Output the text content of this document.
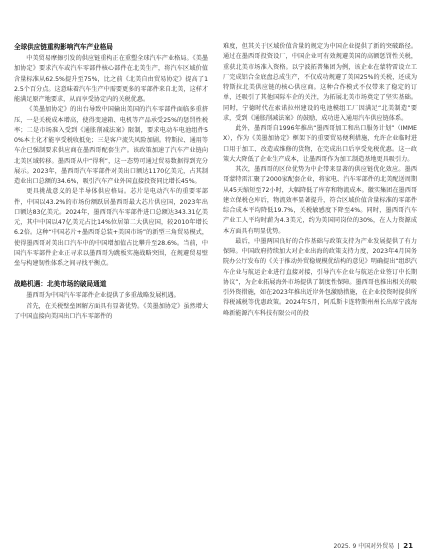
全球供应链重构影响汽车产业格局

中美贸易摩擦引发的供应链重构正在重塑全球汽车产业格局。《美墨加协定》要求汽车或汽车零部件核心部件在北美生产，将汽车区域价值含量标准从62.5%提升至75%，比之前《北美自由贸易协定》提高了12.5个百分点。这意味着汽车生产中需要更多的零部件来自北美，这样才能满足原产地要求，从而享受协定内的关税优惠。

《美墨加协定》的出台导致中国输出美国的汽车零部件面临多重挤压，一是关税成本增高，使得变速箱、电机等产品承受25%的惩罚性税率；二是市场准入受到《通胀削减法案》限制，要求电动车电池组件50%本土化才能享受税收抵免；三是客户流失风险加剧。特斯拉、通用等车企已强制要求供应商在墨西哥配套生产。该政策加速了汽车产业链向北美区域转移。墨西哥从中“得利”，这一态势可通过贸易数据得到充分展示。2023年，墨西哥汽车零部件对美出口额达1170亿美元，占其制造业出口总额的34.6%，吸引汽车产业外国直接投资同比增长45%。

更具挑战意义的是半导体供应格局。芯片是电动汽车的重要零部件，中国以43.2%的市场份额跃居墨西哥最大芯片供应国，2023年出口额达83亿美元。2024年，墨西哥汽车零部件进口总额达343.31亿美元，其中中国以47亿美元占比14%位居第二大供应国，较2010年增长6.2倍。这种“中国芯片+墨西哥总装+美国市场”的新型三角贸易模式，使得墨西哥对美出口汽车中的中国增加值占比攀升至28.6%。当前，中国汽车零部件企业正寻求以墨西哥为跳板实施战略突围，在规避贸易壁垒与构建韧性体系之间寻找平衡点。

战略机遇：北美市场的破局通道

墨西哥为中国汽车零部件企业提供了多重战略发展机遇。

首先，在关税壁垒困解方面具有显著优势。《美墨加协定》虽然增大了中国直接向美国出口汽车零部件的

难度，但其关于区域价值含量的规定为中国企业提供了新的突破路径。通过在墨西哥投资设厂，中国企业可有效规避美国的高额惩罚性关税，重获北美市场准入资格。以宁波拓普集团为例，该企业在蒙特雷设立工厂完成铝合金底盘总成生产，不仅成功规避了美国25%的关税，还成为特斯拉北美供应链的核心供应商。这种合作模式不仅带来了稳定的订单，还吸引了其他国际车企的关注，为拓展北美市场奠定了坚实基础。同时，宁德时代在索诺拉州建设的电池模组工厂因满足“北美制造”要求，受到《通胀削减法案》的鼓励，成功进入通用汽车供应链体系。

此外，墨西哥自1996年推出“墨西哥加工和出口服务计划”（IMMEX），作为《美墨加协定》框架下的重要贸易便利措施，允许企业临时进口用于加工、改造或维修的货物，在完成出口后享受免税优惠。这一政策大大降低了企业生产成本，让墨西哥作为加工制造基地更具吸引力。

其次，墨西哥的区位优势为中企带来显著的供应链优化效应。墨西哥蒙特雷汇聚了2000家配套企业，将家电、汽车零部件的北美配送周期从45天缩短至72小时，大幅降低了库存和物流成本。徽实集团在墨西哥建立保税仓库后，物流效率显著提升，符合区域价值含量标准的零部件综合成本平均降低19.7%，关税敏感度下降至4%。同时，墨西哥汽车产业工人平均时薪为4.3美元，约为美国同岗位的30%，在人力资源成本方面具有明显优势。

最后，中墨两国良好的合作基础与政策支持为产业发展提供了有力保障。中国政府持续加大对企业出海的政策支持力度，2023年4月国务院办公厅发布的《关于推动外贸稳规模优结构的意见》明确提出“组织汽车企业与航运企业进行直接对接，引导汽车企业与航运企业签订中长期协议”，为企业拓展海外市场提供了制度性保障。墨西哥也推出相关的吸引外资措施，如在2023年推出近岸外包激励措施，在企业投资时提供所得税减税等优惠政策。2024年5月，阿瓜斯卡连特斯州州长出席宁波海峰新能源汽车科技有限公司的投

2025. 9 中国对外贸易 21
